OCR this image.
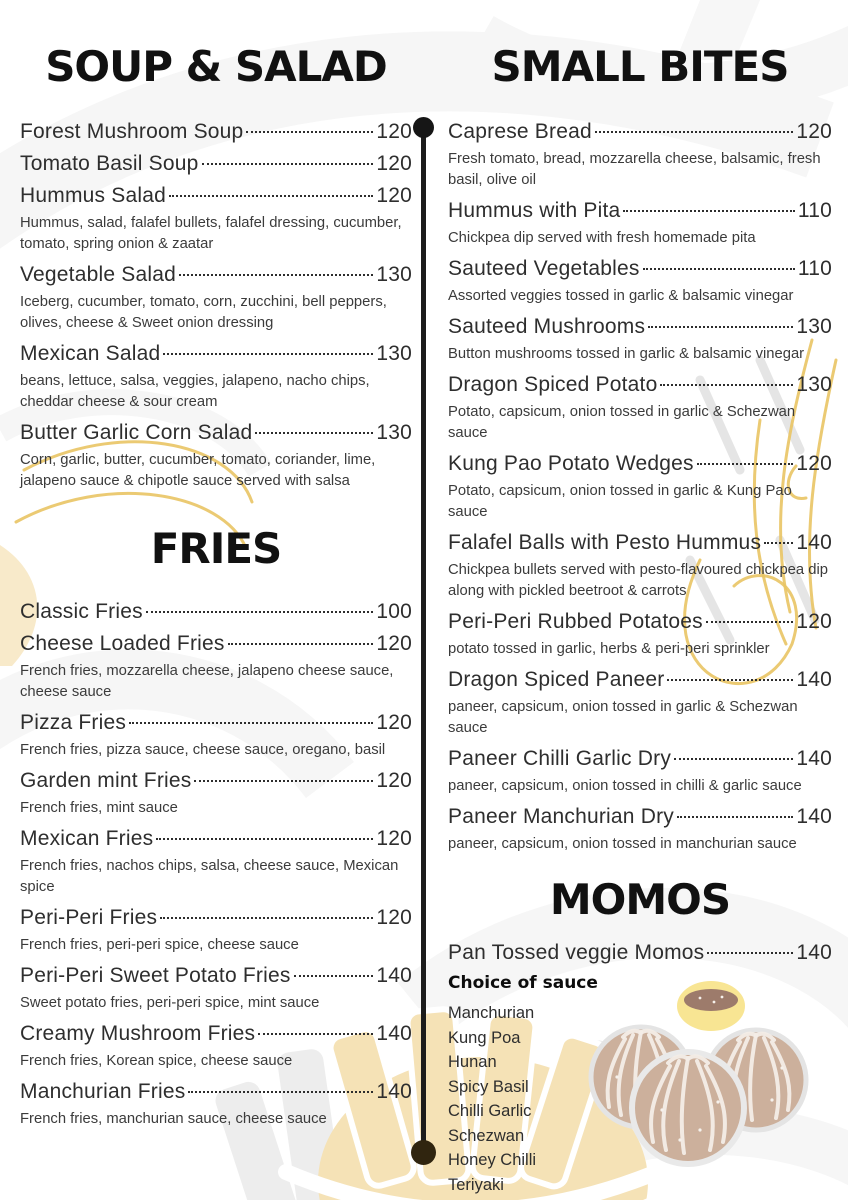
SOUP & SALAD
Forest Mushroom Soup	120
Tomato Basil Soup	120
Hummus Salad	120
Hummus, salad, falafel bullets, falafel dressing, cucumber, tomato, spring onion & zaatar
Vegetable Salad	130
Iceberg, cucumber, tomato, corn, zucchini, bell peppers, olives, cheese & Sweet onion dressing
Mexican Salad	130
beans, lettuce, salsa, veggies, jalapeno, nacho chips, cheddar cheese & sour cream
Butter Garlic Corn Salad	130
Corn, garlic, butter, cucumber, tomato, coriander, lime, jalapeno sauce & chipotle sauce served with salsa
FRIES
Classic Fries	100
Cheese Loaded Fries	120
French fries, mozzarella cheese, jalapeno cheese sauce, cheese sauce
Pizza Fries	120
French fries, pizza sauce, cheese sauce, oregano, basil
Garden mint Fries	120
French fries, mint sauce
Mexican Fries	120
French fries, nachos chips, salsa, cheese sauce, Mexican spice
Peri-Peri Fries	120
French fries, peri-peri spice, cheese sauce
Peri-Peri Sweet Potato Fries	140
Sweet potato fries, peri-peri spice, mint sauce
Creamy Mushroom Fries	140
French fries, Korean spice, cheese sauce
Manchurian Fries	140
French fries, manchurian sauce, cheese sauce
SMALL BITES
Caprese Bread	120
Fresh tomato, bread, mozzarella cheese, balsamic, fresh basil, olive oil
Hummus with Pita	110
Chickpea dip served with fresh homemade pita
Sauteed Vegetables	110
Assorted veggies tossed in garlic & balsamic vinegar
Sauteed Mushrooms	130
Button mushrooms tossed in garlic & balsamic vinegar
Dragon Spiced Potato	130
Potato, capsicum, onion tossed in garlic & Schezwan sauce
Kung Pao Potato Wedges	120
Potato, capsicum, onion tossed in garlic & Kung Pao sauce
Falafel Balls with Pesto Hummus 140
Chickpea bullets served with pesto-flavoured chickpea dip along with pickled beetroot & carrots
Peri-Peri Rubbed Potatoes	120
potato tossed in garlic, herbs & peri-peri sprinkler
Dragon Spiced Paneer	140
paneer, capsicum, onion tossed in garlic & Schezwan sauce
Paneer Chilli Garlic Dry	140
paneer, capsicum, onion tossed in chilli & garlic sauce
Paneer Manchurian Dry	140
paneer, capsicum, onion tossed in manchurian sauce
MOMOS
Pan Tossed veggie Momos	140
Choice of sauce
Manchurian
Kung Poa
Hunan
Spicy Basil
Chilli Garlic
Schezwan
Honey Chilli
Teriyaki
